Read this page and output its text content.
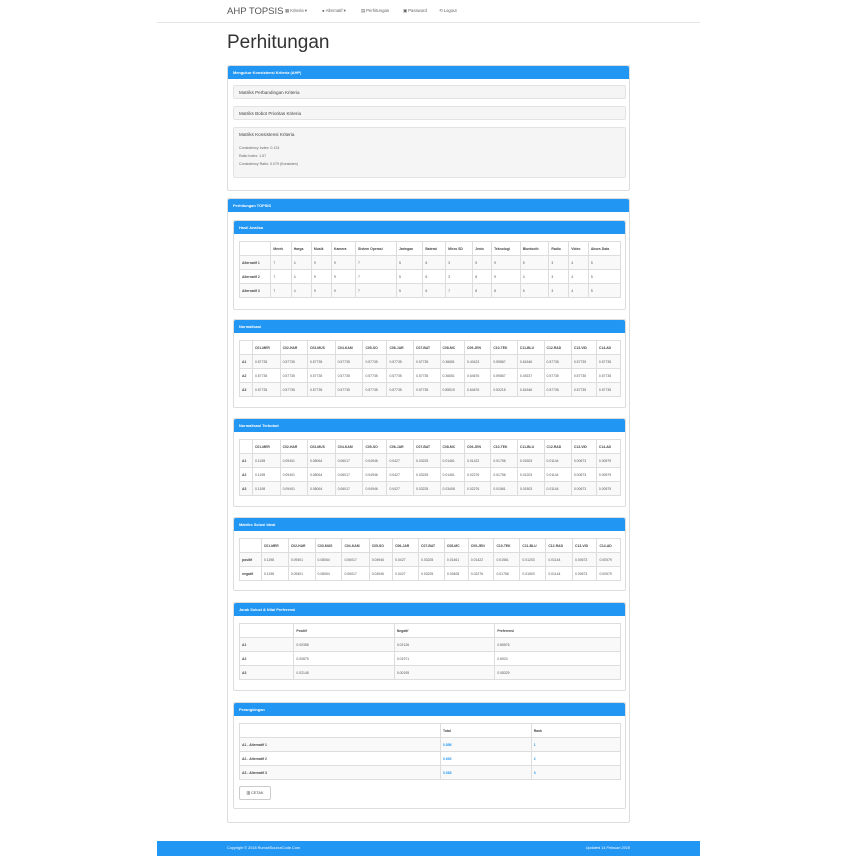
AHP TOPSIS ▦Kriteria▾	●Alternatif▾	▤Perhitungan	▣Password	⟲Logout
Perhitungan
Mengukur Konsistensi Kriteria (AHP)
Matriks Perbandingan Kriteria
Matriks Bobot Prioritas Kriteria
Matriks Konsistensi Kriteria
Consistency Index: 0.124
Ratio Index: 1.57
Consistency Ratio: 0.079 (Konsisten)
Perhitungan TOPSIS
Hasil Analisa
	Merek	Harga	Musik	Kamera	Sistem Operasi	Jaringan	Baterai	Micro SD	Jenis	Teknologi	Bluetooth	Radio	Video	Akses Data
Alternatif 1	7	4	9	9	7	5	6	3	5	9	5	3	4	5
Alternatif 2	7	4	9	9	7	5	6	3	8	9	4	3	4	5
Alternatif 3	7	4	9	9	7	5	6	7	8	8	5	3	4	5
Normalisasi
	C01-MER	C02-HAR	C03-MUS	C04-KAM	C05-SO	C06-JAR	C07-BAT	C08-MC	C09-JEN	C10-TEK	C11-BLU	C12-RAD	C13-VID	C14-AD
A1	0.57735	0.57735	0.57735	0.57735	0.57735	0.57735	0.57735	0.36651	0.40423	0.59867	0.61546	0.57735	0.57735	0.57735
A2	0.57735	0.57735	0.57735	0.57735	0.57735	0.57735	0.57735	0.36651	0.64676	0.59867	0.49237	0.57735	0.57735	0.57735
A3	0.57735	0.57735	0.57735	0.57735	0.57735	0.57735	0.57735	0.85519	0.64676	0.53215	0.61546	0.57735	0.57735	0.57735
Normalisasi Terbobot
	C01-MER	C02-HAR	C03-MUS	C04-KAM	C05-SO	C06-JAR	C07-BAT	C08-MC	C09-JEN	C10-TEK	C11-BLU	C12-RAD	C13-VID	C14-AD
A1	0.1198	0.09401	0.08064	0.06017	0.04946	0.0427	0.03225	0.01461	0.01422	0.01756	0.01503	0.01144	0.00673	0.00579
A2	0.1198	0.09401	0.08064	0.06017	0.04946	0.0427	0.03225	0.01461	0.02276	0.01756	0.01203	0.01144	0.00673	0.00579
A3	0.1198	0.09401	0.08064	0.06017	0.04946	0.0427	0.03225	0.03408	0.02276	0.01561	0.01503	0.01144	0.00673	0.00579
Matriks Solusi Ideal
	C01-MER	C02-HAR	C03-MUS	C04-KAM	C05-SO	C06-JAR	C07-BAT	C08-MC	C09-JEN	C10-TEK	C11-BLU	C12-RAD	C13-VID	C14-AD
positif	0.1198	0.09401	0.08064	0.06017	0.04946	0.0427	0.03225	0.01461	0.01422	0.01561	0.01203	0.01144	0.00673	0.00579
negatif	0.1198	0.09401	0.08064	0.06017	0.04946	0.0427	0.03225	0.03408	0.02276	0.01756	0.01503	0.01144	0.00673	0.00579
Jarak Solusi & Nilai Preferensi
	Positif	Negatif	Preferensi
A1	0.00358	0.02126	0.85576
A2	0.00875	0.01971	0.6924
A3	0.02148	0.00195	0.08329
Perangkingan
	Total	Rank
A1 - Alternatif 1	0.856	1
A2 - Alternatif 2	0.692	2
A3 - Alternatif 3	0.083	3
▥ CETAK
Copyright © 2018 RumahSourceCode.Com	Updated 14 Februari 2018
